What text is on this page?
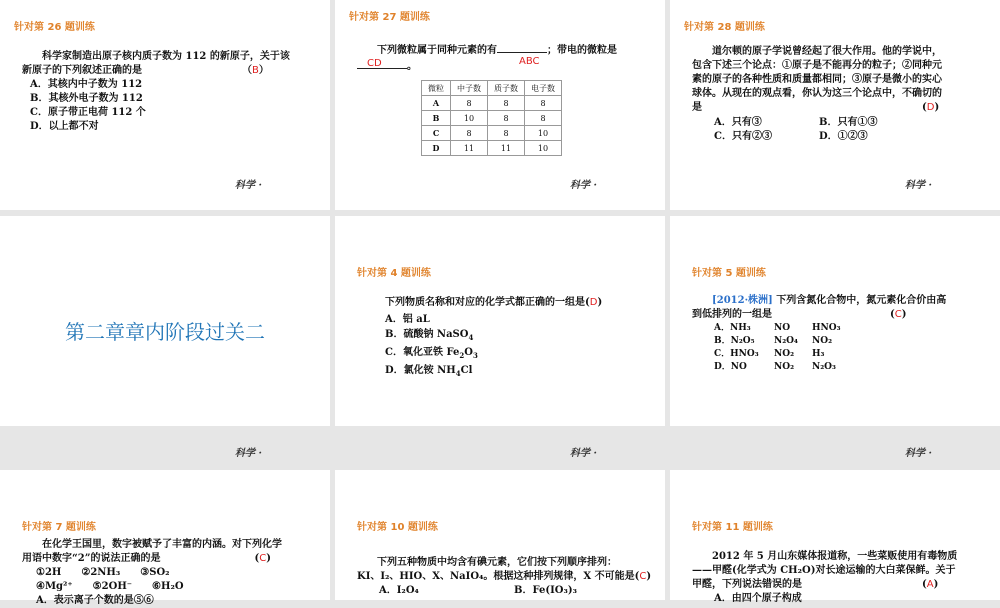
针对第 26 题训练
科学家制造出原子核内质子数为 112 的新原子，关于该
新原子的下列叙述正确的是	（B）
A．其核内中子数为 112
B．其核外电子数为 112
C．原子带正电荷 112 个
D．以上都不对
科学 ·
针对第 27 题训练
下列微粒属于同种元素的有	；带电的微粒是
。	ABC
CD
微粒	中子数	质子数	电子数
A	8	8	8
B	10	8	8
C	8	8	10
D	11	11	10
科学 ·
针对第 28 题训练
道尔顿的原子学说曾经起了很大作用。他的学说中，
包含下述三个论点：①原子是不能再分的粒子；②同种元
素的原子的各种性质和质量都相同；③原子是微小的实心
球体。从现在的观点看，你认为这三个论点中，不确切的
是	(D)
A．只有③	B．只有①③
C．只有②③	D．①②③
科学 ·
第二章章内阶段过关二
科学 ·
针对第 4 题训练
下列物质名称和对应的化学式都正确的一组是(D)
A．铝 aL
B．硫酸钠 NaSO$_4$
C．氧化亚铁 $Fe_2O_3$
D．氯化铵 $NH_4Cl$
科学 ·
针对第 5 题训练
[2012·株洲] 下列含氮化合物中，氮元素化合价由高
到低排列的一组是	(C)
A．NH₃	NO HNO₃
B．N₂O₅ N₂O₄ NO₂
C．HNO₃ NO₂ H₃
D．NO	NO₂ N₂O₃
科学 ·
针对第 7 题训练
在化学王国里，数字被赋予了丰富的内涵。对下列化学
用语中数字“2”的说法正确的是	(C)
①2H　　②2NH₃　　③SO₂
④Mg²⁺　　⑤2OH⁻　　⑥H₂O
A．表示离子个数的是⑤⑥
针对第 10 题训练
下列五种物质中均含有碘元素，它们按下列顺序排列：
KI、I₂、HIO、X、NaIO₄。根据这种排列规律，X 不可能是(C)
A．I₂O₄	B．Fe(IO₃)₃
针对第 11 题训练
2012 年 5 月山东媒体报道称，一些菜贩使用有毒物质
——甲醛(化学式为 CH₂O)对长途运输的大白菜保鲜。关于
甲醛，下列说法错误的是	(A)
A．由四个原子构成
